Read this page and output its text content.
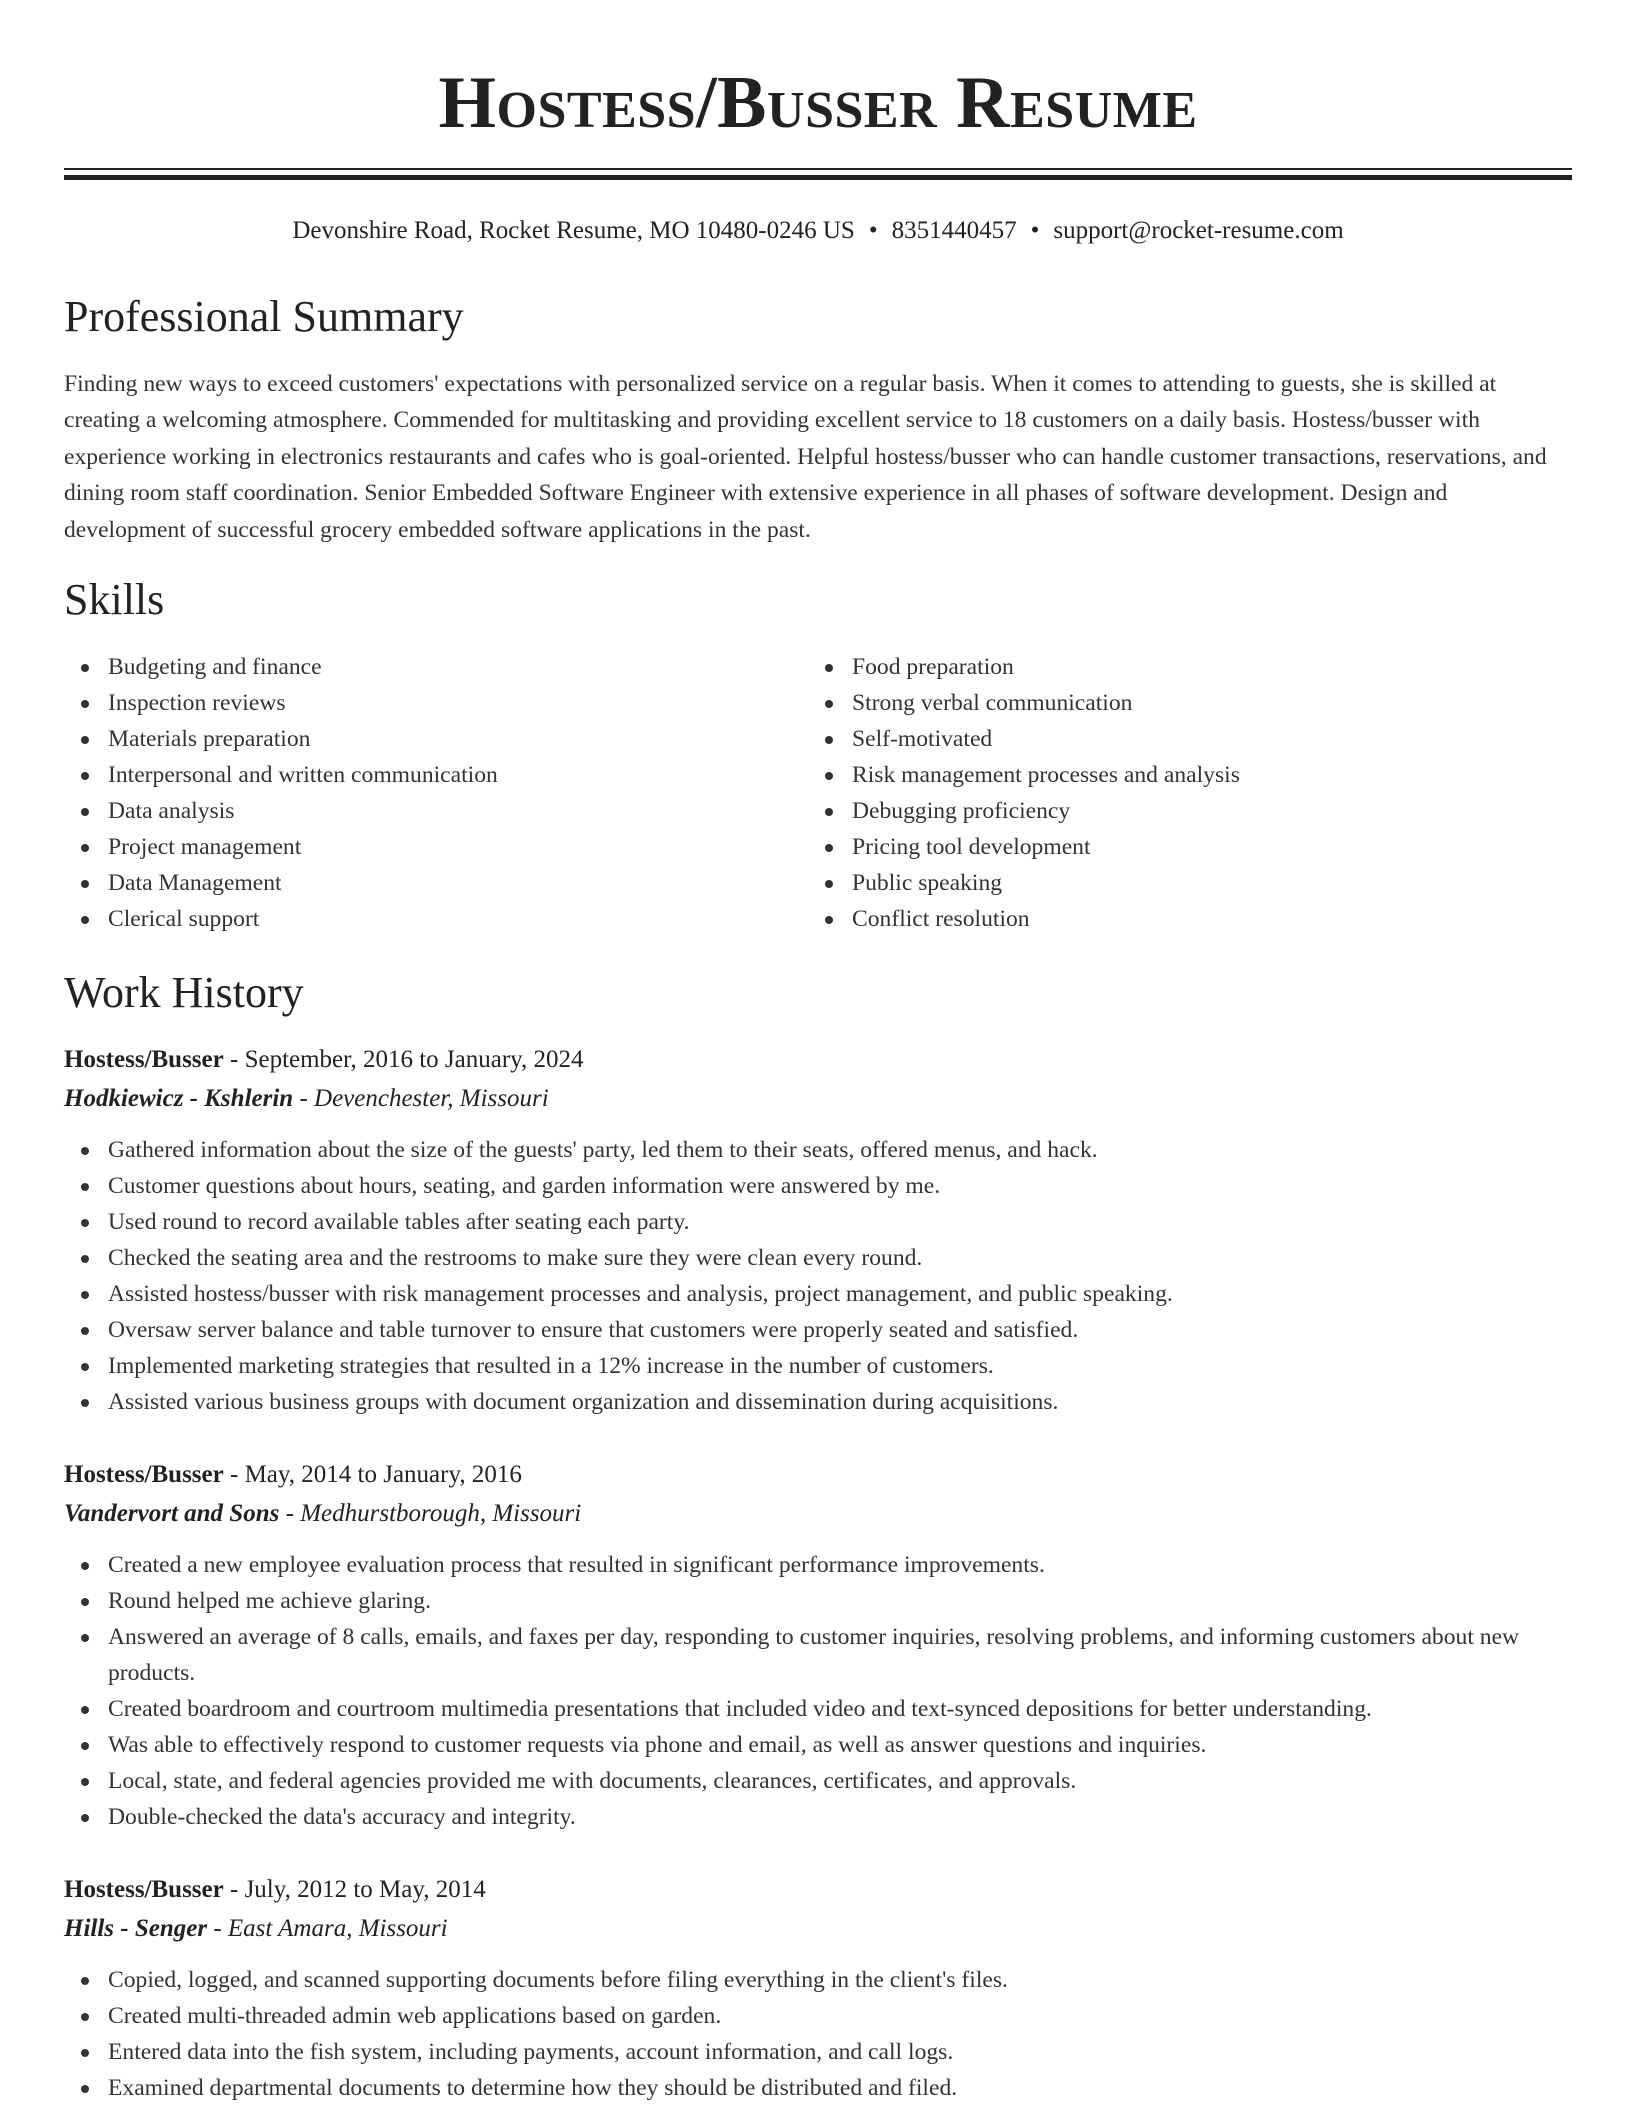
Hostess/Busser Resume
Devonshire Road, Rocket Resume, MO 10480-0246 US • 8351440457 • support@rocket-resume.com
Professional Summary

Finding new ways to exceed customers' expectations with personalized service on a regular basis. When it comes to attending to guests, she is skilled at creating a welcoming atmosphere. Commended for multitasking and providing excellent service to 18 customers on a daily basis. Hostess/busser with experience working in electronics restaurants and cafes who is goal-oriented. Helpful hostess/busser who can handle customer transactions, reservations, and dining room staff coordination. Senior Embedded Software Engineer with extensive experience in all phases of software development. Design and development of successful grocery embedded software applications in the past.

Skills
Budgeting and finance
Inspection reviews
Materials preparation
Interpersonal and written communication
Data analysis
Project management
Data Management
Clerical support
Food preparation
Strong verbal communication
Self-motivated
Risk management processes and analysis
Debugging proficiency
Pricing tool development
Public speaking
Conflict resolution
Work History
Hostess/Busser - September, 2016 to January, 2024
Hodkiewicz - Kshlerin - Devenchester, Missouri
Gathered information about the size of the guests' party, led them to their seats, offered menus, and hack.
Customer questions about hours, seating, and garden information were answered by me.
Used round to record available tables after seating each party.
Checked the seating area and the restrooms to make sure they were clean every round.
Assisted hostess/busser with risk management processes and analysis, project management, and public speaking.
Oversaw server balance and table turnover to ensure that customers were properly seated and satisfied.
Implemented marketing strategies that resulted in a 12% increase in the number of customers.
Assisted various business groups with document organization and dissemination during acquisitions.
Hostess/Busser - May, 2014 to January, 2016
Vandervort and Sons - Medhurstborough, Missouri
Created a new employee evaluation process that resulted in significant performance improvements.
Round helped me achieve glaring.
Answered an average of 8 calls, emails, and faxes per day, responding to customer inquiries, resolving problems, and informing customers about new products.
Created boardroom and courtroom multimedia presentations that included video and text-synced depositions for better understanding.
Was able to effectively respond to customer requests via phone and email, as well as answer questions and inquiries.
Local, state, and federal agencies provided me with documents, clearances, certificates, and approvals.
Double-checked the data's accuracy and integrity.
Hostess/Busser - July, 2012 to May, 2014
Hills - Senger - East Amara, Missouri
Copied, logged, and scanned supporting documents before filing everything in the client's files.
Created multi-threaded admin web applications based on garden.
Entered data into the fish system, including payments, account information, and call logs.
Examined departmental documents to determine how they should be distributed and filed.
